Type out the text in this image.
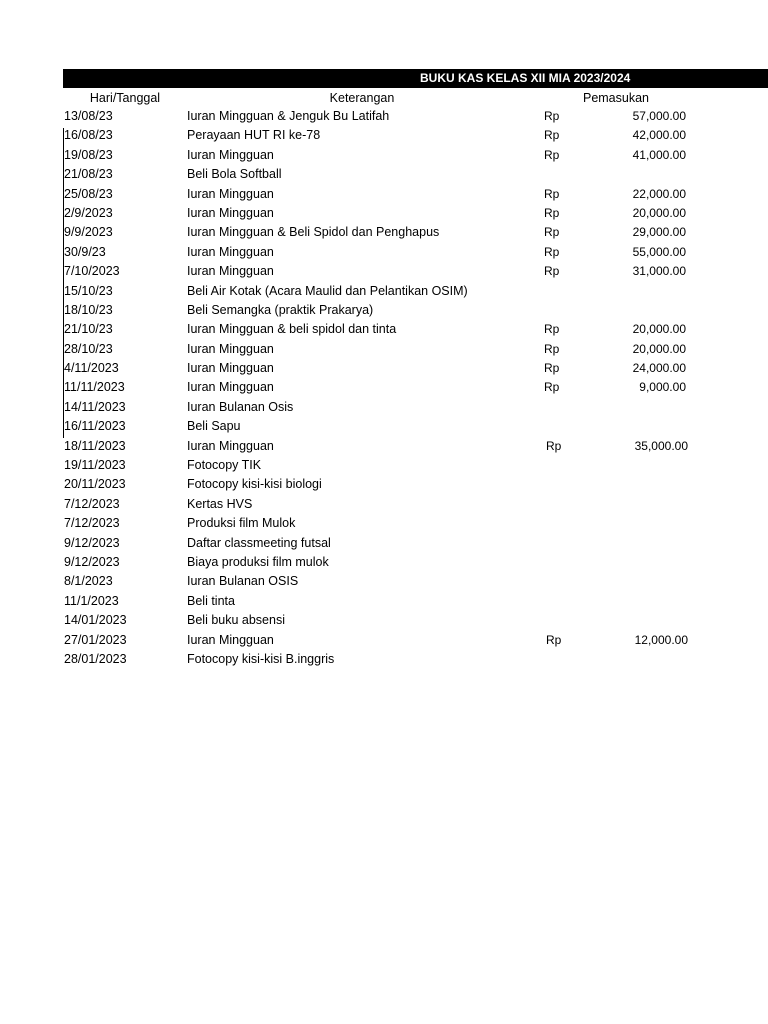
BUKU KAS KELAS XII MIA 2023/2024
Hari/Tanggal	Keterangan	Pemasukan
13/08/23	Iuran Mingguan & Jenguk Bu Latifah	Rp	57,000.00
16/08/23	Perayaan HUT RI ke-78	Rp	42,000.00
19/08/23	Iuran Mingguan	Rp	41,000.00
21/08/23	Beli Bola Softball
25/08/23	Iuran Mingguan	Rp	22,000.00
2/9/2023	Iuran Mingguan	Rp	20,000.00
9/9/2023	Iuran Mingguan & Beli Spidol dan Penghapus	Rp	29,000.00
30/9/23	Iuran Mingguan	Rp	55,000.00
7/10/2023	Iuran Mingguan	Rp	31,000.00
15/10/23	Beli Air Kotak (Acara Maulid dan Pelantikan OSIM)
18/10/23	Beli Semangka (praktik Prakarya)
21/10/23	Iuran Mingguan & beli spidol dan tinta	Rp	20,000.00
28/10/23	Iuran Mingguan	Rp	20,000.00
4/11/2023	Iuran Mingguan	Rp	24,000.00
11/11/2023	Iuran Mingguan	Rp	9,000.00
14/11/2023	Iuran Bulanan Osis
16/11/2023	Beli Sapu
18/11/2023	Iuran Mingguan	Rp	35,000.00
19/11/2023	Fotocopy TIK
20/11/2023	Fotocopy kisi-kisi biologi
7/12/2023	Kertas HVS
7/12/2023	Produksi film Mulok
9/12/2023	Daftar classmeeting futsal
9/12/2023	Biaya produksi film mulok
8/1/2023	Iuran Bulanan OSIS
11/1/2023	Beli tinta
14/01/2023	Beli buku absensi
27/01/2023	Iuran Mingguan	Rp	12,000.00
28/01/2023	Fotocopy kisi-kisi B.inggris
